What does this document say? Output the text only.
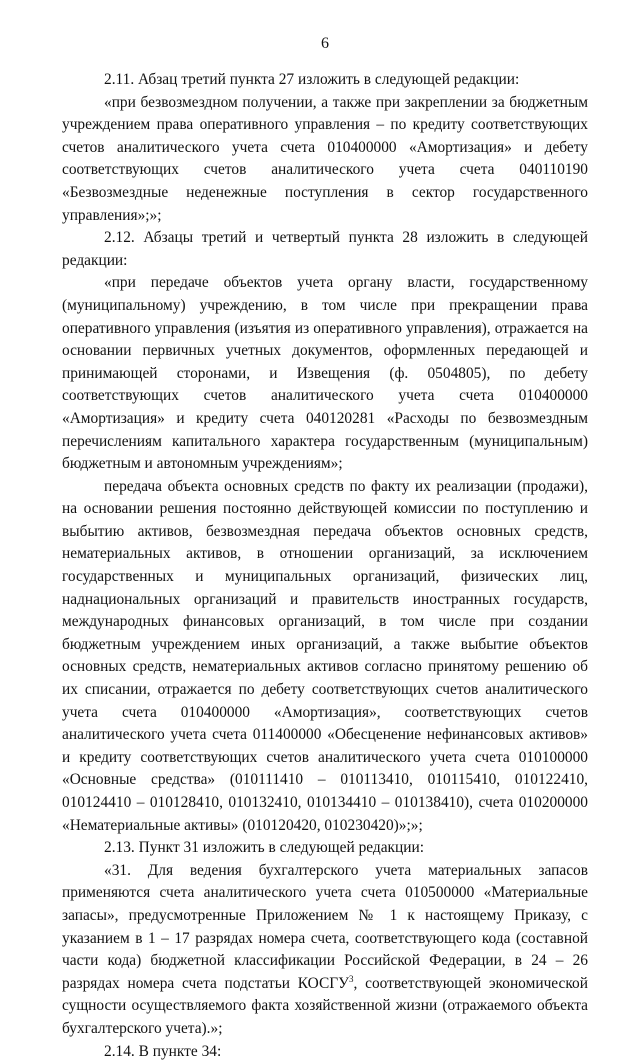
6

2.11. Абзац третий пункта 27 изложить в следующей редакции:

«при безвозмездном получении, а также при закреплении за бюджетным учреждением права оперативного управления – по кредиту соответствующих счетов аналитического учета счета 010400000 «Амортизация» и дебету соответствующих счетов аналитического учета счета 040110190 «Безвозмездные неденежные поступления в сектор государственного управления»;»;

2.12. Абзацы третий и четвертый пункта 28 изложить в следующей редакции:

«при передаче объектов учета органу власти, государственному (муниципальному) учреждению, в том числе при прекращении права оперативного управления (изъятия из оперативного управления), отражается на основании первичных учетных документов, оформленных передающей и принимающей сторонами, и Извещения (ф. 0504805), по дебету соответствующих счетов аналитического учета счета 010400000 «Амортизация» и кредиту счета 040120281 «Расходы по безвозмездным перечислениям капитального характера государственным (муниципальным) бюджетным и автономным учреждениям»;

передача объекта основных средств по факту их реализации (продажи), на основании решения постоянно действующей комиссии по поступлению и выбытию активов, безвозмездная передача объектов основных средств, нематериальных активов, в отношении организаций, за исключением государственных и муниципальных организаций, физических лиц, наднациональных организаций и правительств иностранных государств, международных финансовых организаций, в том числе при создании бюджетным учреждением иных организаций, а также выбытие объектов основных средств, нематериальных активов согласно принятому решению об их списании, отражается по дебету соответствующих счетов аналитического учета счета 010400000 «Амортизация», соответствующих счетов аналитического учета счета 011400000 «Обесценение нефинансовых активов» и кредиту соответствующих счетов аналитического учета счета 010100000 «Основные средства» (010111410 – 010113410, 010115410, 010122410, 010124410 – 010128410, 010132410, 010134410 – 010138410), счета 010200000 «Нематериальные активы» (010120420, 010230420)»;»;

2.13. Пункт 31 изложить в следующей редакции:

«31. Для ведения бухгалтерского учета материальных запасов применяются счета аналитического учета счета 010500000 «Материальные запасы», предусмотренные Приложением № 1 к настоящему Приказу, с указанием в 1 – 17 разрядах номера счета, соответствующего кода (составной части кода) бюджетной классификации Российской Федерации, в 24 – 26 разрядах номера счета подстатьи КОСГУ$^3$, соответствующей экономической сущности осуществляемого факта хозяйственной жизни (отражаемого объекта бухгалтерского учета).»;

2.14. В пункте 34:
